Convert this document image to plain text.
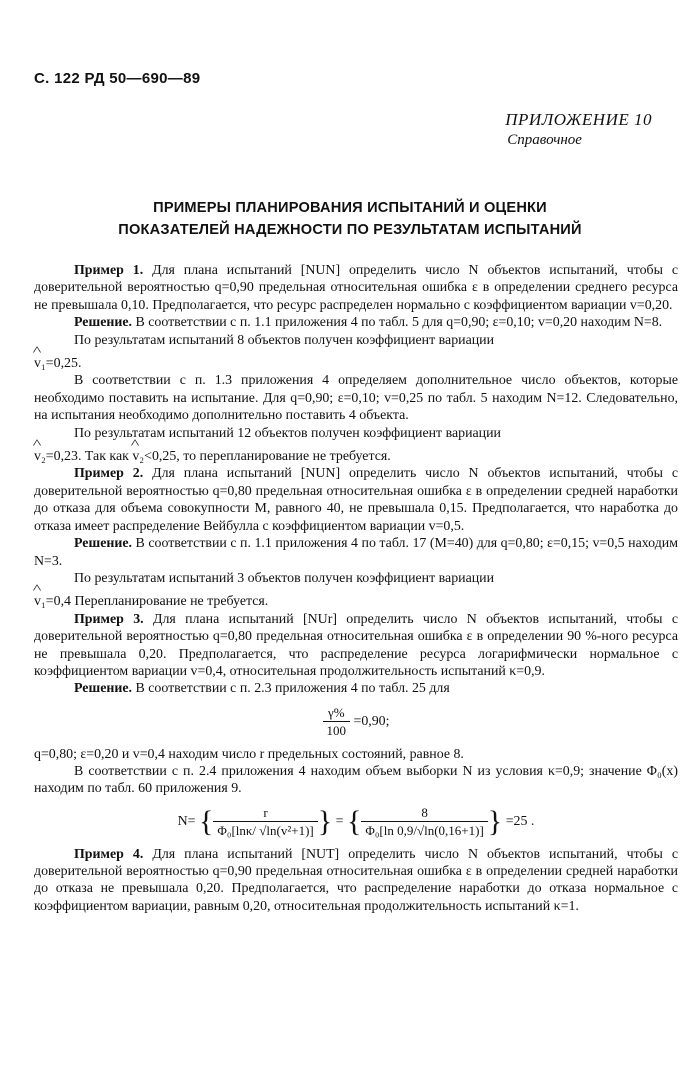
С. 122 РД 50—690—89
ПРИЛОЖЕНИЕ 10
Справочное
ПРИМЕРЫ ПЛАНИРОВАНИЯ ИСПЫТАНИЙ И ОЦЕНКИ
ПОКАЗАТЕЛЕЙ НАДЕЖНОСТИ ПО РЕЗУЛЬТАТАМ ИСПЫТАНИЙ

Пример 1. Для плана испытаний [NUN] определить число N объектов испытаний, чтобы с доверительной вероятностью q=0,90 предельная относительная ошибка ε в определении среднего ресурса не превышала 0,10. Предполагается, что ресурс распределен нормально с коэффициентом вариации v=0,20.

Решение. В соответствии с п. 1.1 приложения 4 по табл. 5 для q=0,90; ε=0,10; v=0,20 находим N=8.

По результатам испытаний 8 объектов получен коэффициент вариации

^ v₁=0,25.

В соответствии с п. 1.3 приложения 4 определяем дополнительное число объектов, которые необходимо поставить на испытание. Для q=0,90; ε=0,10; v=0,25 по табл. 5 находим N=12. Следовательно, на испытания необходимо дополнительно поставить 4 объекта.

По результатам испытаний 12 объектов получен коэффициент вариации

^ v₂=0,23. Так как ^ v₂<0,25, то перепланирование не требуется.

Пример 2. Для плана испытаний [NUN] определить число N объектов испытаний, чтобы с доверительной вероятностью q=0,80 предельная относительная ошибка ε в определении средней наработки до отказа для объема совокупности M, равного 40, не превышала 0,15. Предполагается, что наработка до отказа имеет распределение Вейбулла с коэффициентом вариации v=0,5.

Решение. В соответствии с п. 1.1 приложения 4 по табл. 17 (M=40) для q=0,80; ε=0,15; v=0,5 находим N=3.

По результатам испытаний 3 объектов получен коэффициент вариации

^ v₁=0,4 Перепланирование не требуется.

Пример 3. Для плана испытаний [NUr] определить число N объектов испытаний, чтобы с доверительной вероятностью q=0,80 предельная относительная ошибка ε в определении 90 %-ного ресурса не превышала 0,20. Предполагается, что распределение ресурса логарифмически нормальное с коэффициентом вариации v=0,4, относительная продолжительность испытаний κ=0,9.

Решение. В соответствии с п. 2.3 приложения 4 по табл. 25 для

$\frac{\gamma\%}{100} =0,90$;

q=0,80; ε=0,20 и v=0,4 находим число r предельных состояний, равное 8.

В соответствии с п. 2.4 приложения 4 находим объем выборки N из условия κ=0,9; значение Φ₀(x) находим по табл. 60 приложения 9.

N= { $\frac{r}{\text{Φ₀[lnκ/ √ln(v²+1)]}}$ } = { $\frac{8}{\text{Φ₀[ln 0,9/√ln(0,16+1)]}}$ } =25 .

Пример 4. Для плана испытаний [NUT] определить число N объектов испытаний, чтобы с доверительной вероятностью q=0,90 предельная относительная ошибка ε в определении средней наработки до отказа не превышала 0,20. Предполагается, что распределение наработки до отказа нормальное с коэффициентом вариации, равным 0,20, относительная продолжительность испытаний κ=1.
